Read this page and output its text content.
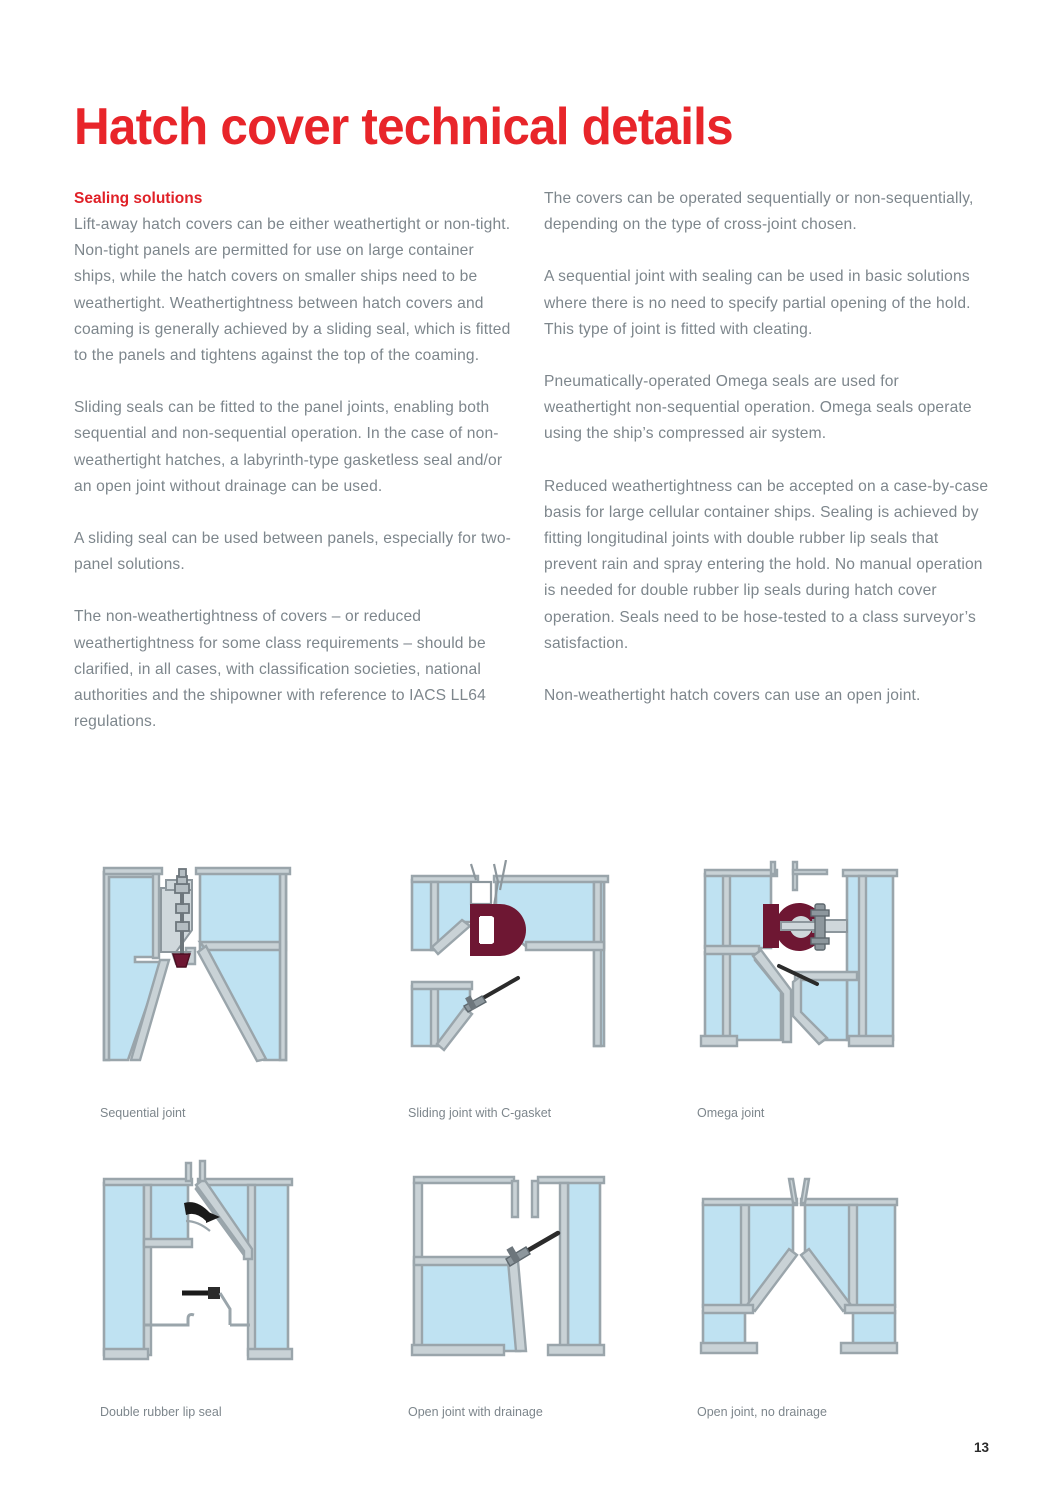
Hatch cover technical details
Sealing solutions

Lift-away hatch covers can be either weathertight or non-tight. Non-tight panels are permitted for use on large container ships, while the hatch covers on smaller ships need to be weathertight. Weathertightness between hatch covers and coaming is generally achieved by a sliding seal, which is fitted to the panels and tightens against the top of the coaming.

Sliding seals can be fitted to the panel joints, enabling both sequential and non-sequential operation. In the case of non-weathertight hatches, a labyrinth-type gasketless seal and/or an open joint without drainage can be used.

A sliding seal can be used between panels, especially for two-panel solutions.

The non-weathertightness of covers – or reduced weathertightness for some class requirements – should be clarified, in all cases, with classification societies, national authorities and the shipowner with reference to IACS LL64 regulations.

The covers can be operated sequentially or non-sequentially, depending on the type of cross-joint chosen.

A sequential joint with sealing can be used in basic solutions where there is no need to specify partial opening of the hold. This type of joint is fitted with cleating.

Pneumatically-operated Omega seals are used for weathertight non-sequential operation. Omega seals operate using the ship’s compressed air system.

Reduced weathertightness can be accepted on a case-by-case basis for large cellular container ships. Sealing is achieved by fitting longitudinal joints with double rubber lip seals that prevent rain and spray entering the hold. No manual operation is needed for double rubber lip seals during hatch cover operation. Seals need to be hose-tested to a class surveyor’s satisfaction.

Non-weathertight hatch covers can use an open joint.

Sequential joint	Sliding joint with C-gasket	Omega joint
Double rubber lip seal	Open joint with drainage	Open joint, no drainage
13
